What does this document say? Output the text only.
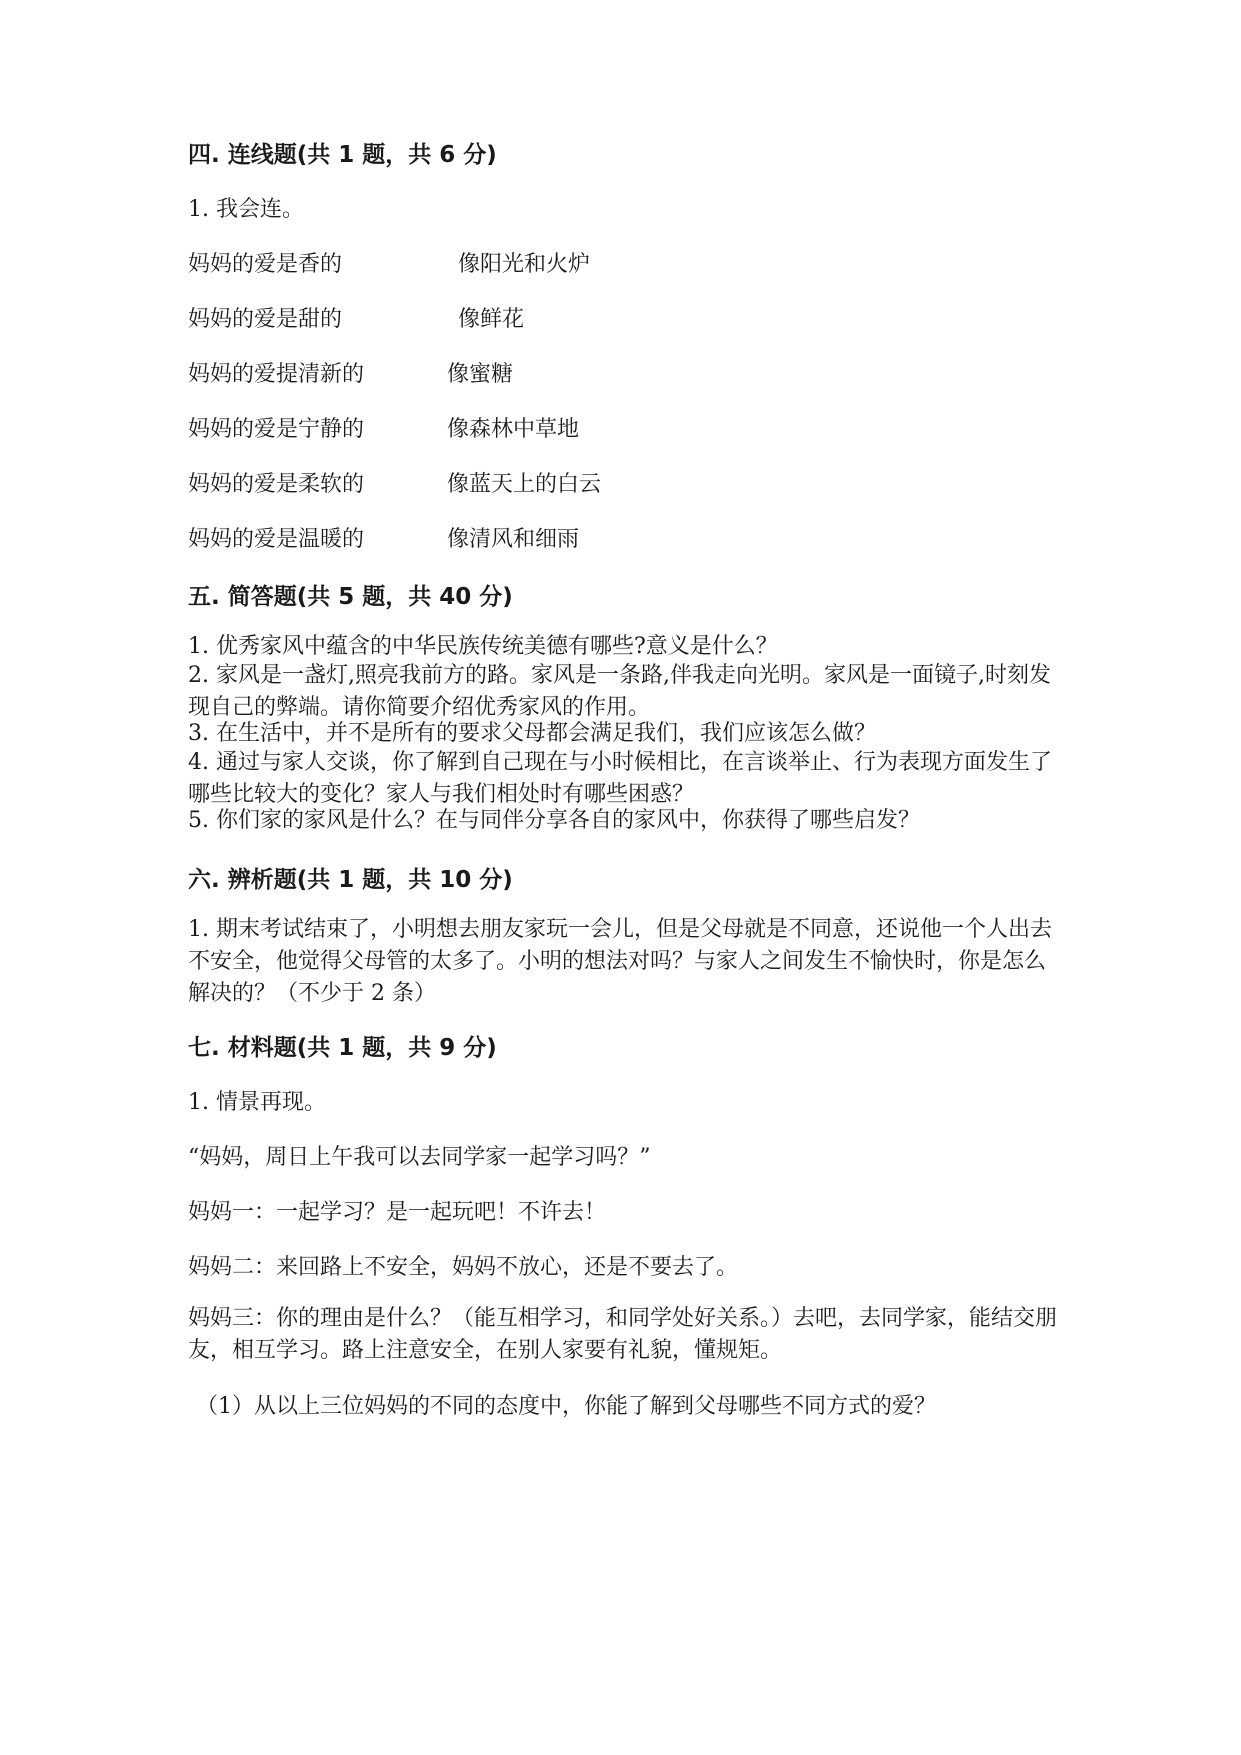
四. 连线题(共 1 题，共 6 分)
1. 我会连。
妈妈的爱是香的	像阳光和火炉
妈妈的爱是甜的	像鲜花
妈妈的爱提清新的	像蜜糖
妈妈的爱是宁静的	像森林中草地
妈妈的爱是柔软的	像蓝天上的白云
妈妈的爱是温暖的	像清风和细雨
五. 简答题(共 5 题，共 40 分)
1. 优秀家风中蕴含的中华民族传统美德有哪些?意义是什么？
2. 家风是一盏灯,照亮我前方的路。家风是一条路,伴我走向光明。家风是一面镜子,时刻发现自己的弊端。请你简要介绍优秀家风的作用。
3. 在生活中，并不是所有的要求父母都会满足我们，我们应该怎么做？
4. 通过与家人交谈，你了解到自己现在与小时候相比，在言谈举止、行为表现方面发生了哪些比较大的变化？家人与我们相处时有哪些困惑？
5. 你们家的家风是什么？在与同伴分享各自的家风中，你获得了哪些启发？
六. 辨析题(共 1 题，共 10 分)
1. 期末考试结束了，小明想去朋友家玩一会儿，但是父母就是不同意，还说他一个人出去不安全，他觉得父母管的太多了。小明的想法对吗？与家人之间发生不愉快时，你是怎么解决的？（不少于 2 条）
七. 材料题(共 1 题，共 9 分)
1. 情景再现。
“妈妈，周日上午我可以去同学家一起学习吗？”
妈妈一：一起学习？是一起玩吧！不许去！
妈妈二：来回路上不安全，妈妈不放心，还是不要去了。
妈妈三：你的理由是什么？（能互相学习，和同学处好关系。）去吧，去同学家，能结交朋友，相互学习。路上注意安全，在别人家要有礼貌，懂规矩。
（1）从以上三位妈妈的不同的态度中，你能了解到父母哪些不同方式的爱？
